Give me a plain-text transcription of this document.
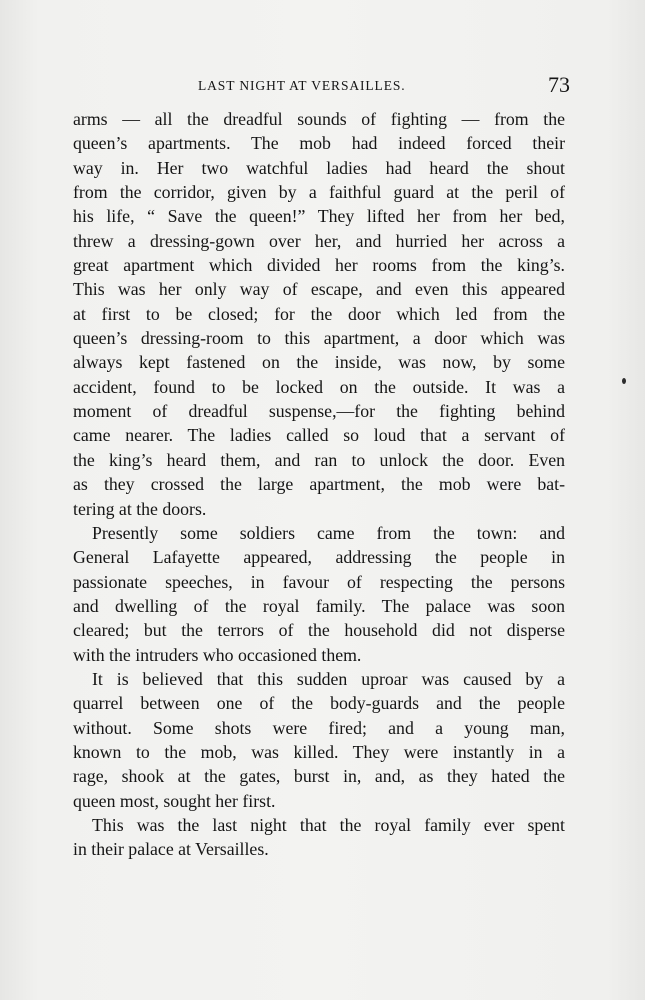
LAST NIGHT AT VERSAILLES.	73
arms — all the dreadful sounds of fighting — from the
queen’s apartments. The mob had indeed forced their
way in. Her two watchful ladies had heard the shout
from the corridor, given by a faithful guard at the peril of
his life, “ Save the queen!” They lifted her from her bed,
threw a dressing-gown over her, and hurried her across a
great apartment which divided her rooms from the king’s.
This was her only way of escape, and even this appeared
at first to be closed; for the door which led from the
queen’s dressing-room to this apartment, a door which was
always kept fastened on the inside, was now, by some
accident, found to be locked on the outside. It was a
moment of dreadful suspense,—for the fighting behind
came nearer. The ladies called so loud that a servant of
the king’s heard them, and ran to unlock the door. Even
as they crossed the large apartment, the mob were bat-
tering at the doors.
Presently some soldiers came from the town: and
General Lafayette appeared, addressing the people in
passionate speeches, in favour of respecting the persons
and dwelling of the royal family. The palace was soon
cleared; but the terrors of the household did not disperse
with the intruders who occasioned them.
It is believed that this sudden uproar was caused by a
quarrel between one of the body-guards and the people
without. Some shots were fired; and a young man,
known to the mob, was killed. They were instantly in a
rage, shook at the gates, burst in, and, as they hated the
queen most, sought her first.
This was the last night that the royal family ever spent
in their palace at Versailles.
